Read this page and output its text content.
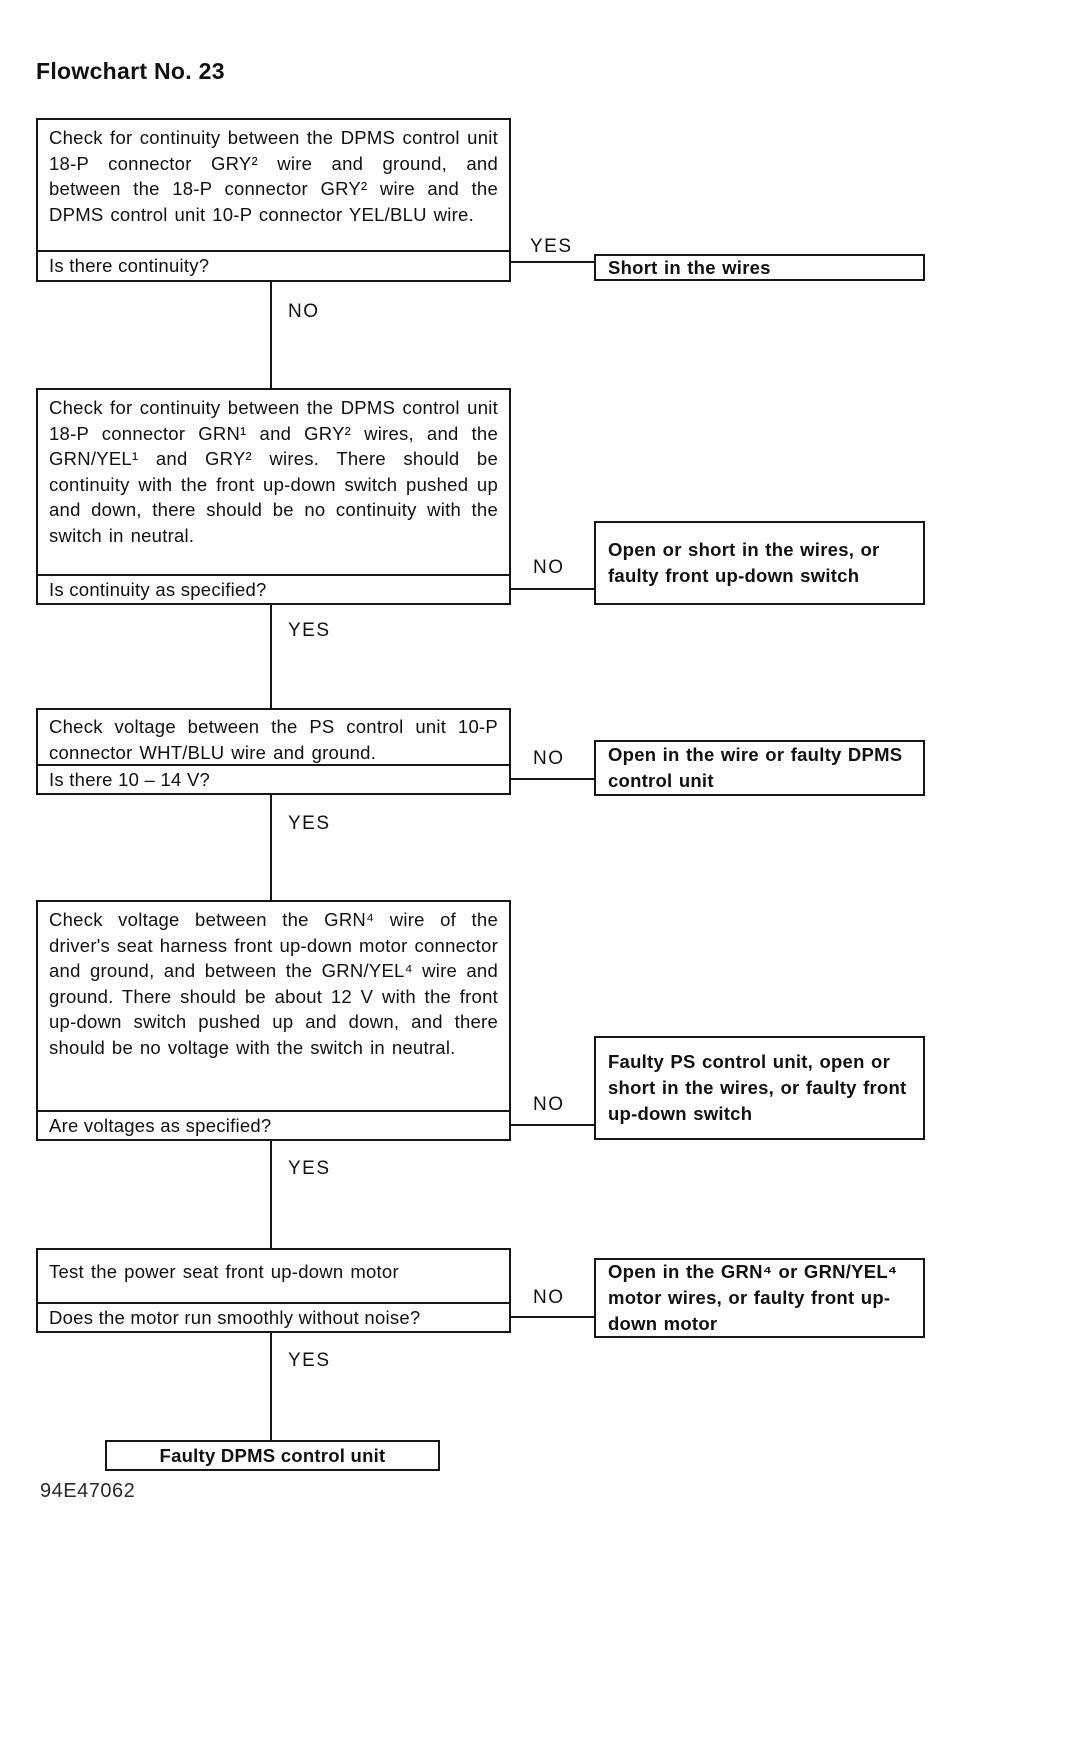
Flowchart No. 23
Check for continuity between the DPMS control unit 18-P connector GRY² wire and ground, and between the 18-P connector GRY² wire and the DPMS control unit 10-P connector YEL/BLU wire.
Is there continuity?
YES
Short in the wires
NO
Check for continuity between the DPMS control unit 18-P connector GRN¹ and GRY² wires, and the GRN/YEL¹ and GRY² wires. There should be continuity with the front up-down switch pushed up and down, there should be no continuity with the switch in neutral.
Is continuity as specified?
NO
Open or short in the wires, or faulty front up-down switch
YES
Check voltage between the PS control unit 10-P connector WHT/BLU wire and ground.
Is there 10 – 14 V?
NO Open in the wire or faulty DPMS control unit
YES
Check voltage between the GRN⁴ wire of the driver's seat harness front up-down motor connector and ground, and between the GRN/YEL⁴ wire and ground. There should be about 12 V with the front up-down switch pushed up and down, and there should be no voltage with the switch in neutral.
Are voltages as specified?
NO
Faulty PS control unit, open or short in the wires, or faulty front up-down switch
YES
Test the power seat front up-down motor
Does the motor run smoothly without noise?
NO
Open in the GRN⁴ or GRN/YEL⁴ motor wires, or faulty front up-down motor
YES
Faulty DPMS control unit
94E47062
